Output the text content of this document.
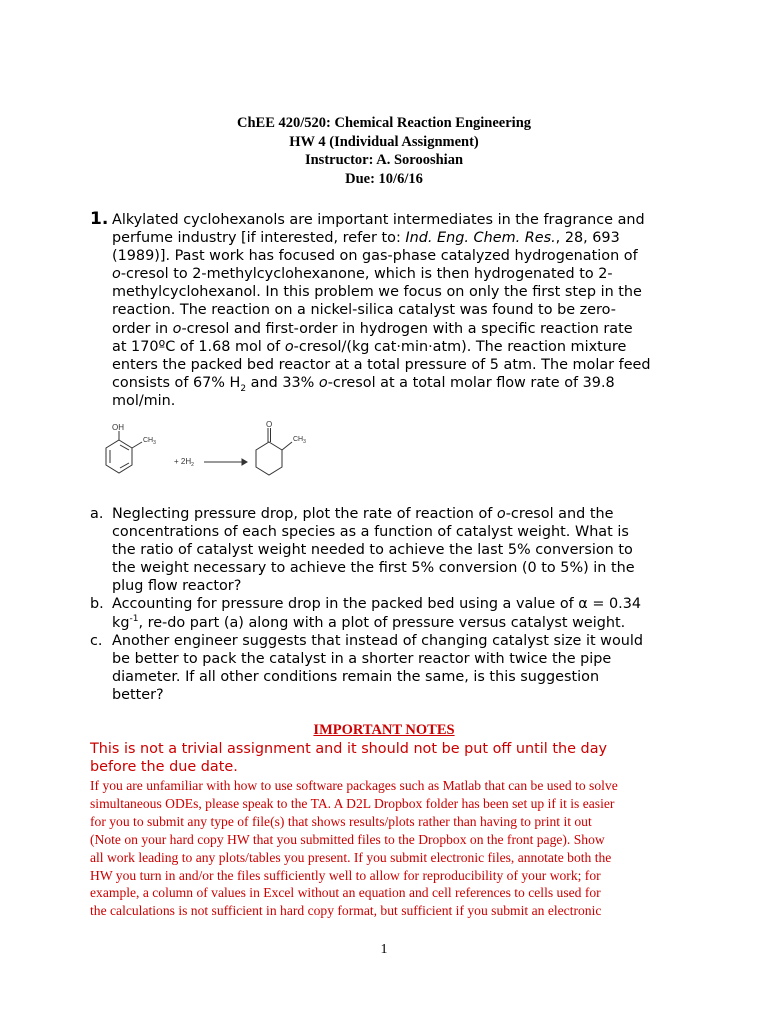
ChEE 420/520: Chemical Reaction Engineering
HW 4 (Individual Assignment)
Instructor: A. Sorooshian
Due: 10/6/16
1. Alkylated cyclohexanols are important intermediates in the fragrance and
perfume industry [if interested, refer to: Ind. Eng. Chem. Res., 28, 693
(1989)]. Past work has focused on gas-phase catalyzed hydrogenation of
o-cresol to 2-methylcyclohexanone, which is then hydrogenated to 2-
methylcyclohexanol. In this problem we focus on only the first step in the
reaction. The reaction on a nickel-silica catalyst was found to be zero-
order in o-cresol and first-order in hydrogen with a specific reaction rate
at 170ºC of 1.68 mol of o-cresol/(kg cat·min·atm). The reaction mixture
enters the packed bed reactor at a total pressure of 5 atm. The molar feed
consists of 67% $H_2$ and 33% o-cresol at a total molar flow rate of 39.8
mol/min.
OH
$CH_3$
+ $2H_2$
O
$CH_3$
a. Neglecting pressure drop, plot the rate of reaction of o-cresol and the
concentrations of each species as a function of catalyst weight. What is
the ratio of catalyst weight needed to achieve the last 5% conversion to
the weight necessary to achieve the first 5% conversion (0 to 5%) in the
plug flow reactor?
b. Accounting for pressure drop in the packed bed using a value of α = 0.34
$kg^{-1}$, re-do part (a) along with a plot of pressure versus catalyst weight.
c. Another engineer suggests that instead of changing catalyst size it would
be better to pack the catalyst in a shorter reactor with twice the pipe
diameter. If all other conditions remain the same, is this suggestion
better?
IMPORTANT NOTES
This is not a trivial assignment and it should not be put off until the day
before the due date.
If you are unfamiliar with how to use software packages such as Matlab that can be used to solve
simultaneous ODEs, please speak to the TA. A D2L Dropbox folder has been set up if it is easier
for you to submit any type of file(s) that shows results/plots rather than having to print it out
(Note on your hard copy HW that you submitted files to the Dropbox on the front page). Show
all work leading to any plots/tables you present. If you submit electronic files, annotate both the
HW you turn in and/or the files sufficiently well to allow for reproducibility of your work; for
example, a column of values in Excel without an equation and cell references to cells used for
the calculations is not sufficient in hard copy format, but sufficient if you submit an electronic
1
